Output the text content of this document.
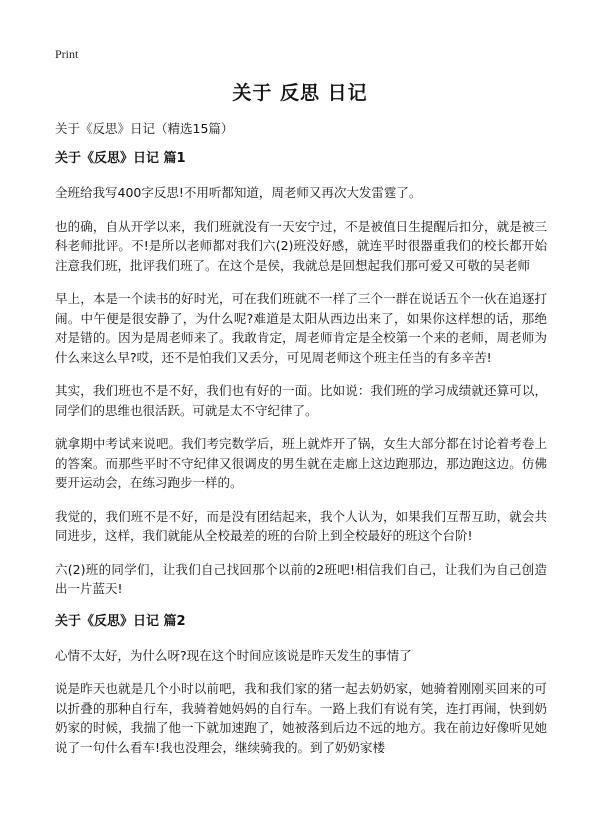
Print
关于 反思 日记

关于《反思》日记（精选15篇）

关于《反思》日记 篇1

全班给我写400字反思!不用听都知道，周老师又再次大发雷霆了。

也的确，自从开学以来，我们班就没有一天安宁过，不是被值日生提醒后扣分，就是被三科老师批评。不!是所以老师都对我们六(2)班没好感，就连平时很器重我们的校长都开始注意我们班，批评我们班了。在这个是侯，我就总是回想起我们那可爱又可敬的吴老师

早上，本是一个读书的好时光，可在我们班就不一样了三个一群在说话五个一伙在追逐打闹。中午便是很安静了，为什么呢?难道是太阳从西边出来了，如果你这样想的话，那绝对是错的。因为是周老师来了。我敢肯定，周老师肯定是全校第一个来的老师，周老师为什么来这么早?哎，还不是怕我们又丢分，可见周老师这个班主任当的有多辛苦!

其实，我们班也不是不好，我们也有好的一面。比如说：我们班的学习成绩就还算可以，同学们的思维也很活跃。可就是太不守纪律了。

就拿期中考试来说吧。我们考完数学后，班上就炸开了锅，女生大部分都在讨论着考卷上的答案。而那些平时不守纪律又很调皮的男生就在走廊上这边跑那边，那边跑这边。仿佛要开运动会，在练习跑步一样的。

我觉的，我们班不是不好，而是没有团结起来，我个人认为，如果我们互帮互助，就会共同进步，这样，我们就能从全校最差的班的台阶上到全校最好的班这个台阶!

六(2)班的同学们，让我们自己找回那个以前的2班吧!相信我们自己，让我们为自己创造出一片蓝天!

关于《反思》日记 篇2

心情不太好，为什么呀?现在这个时间应该说是昨天发生的事情了

说是昨天也就是几个小时以前吧，我和我们家的猪一起去奶奶家，她骑着刚刚买回来的可以折叠的那种自行车，我骑着她妈妈的自行车。一路上我们有说有笑，连打再闹，快到奶奶家的时候，我揣了他一下就加速跑了，她被落到后边不远的地方。我在前边好像听见她说了一句什么看车!我也没理会，继续骑我的。到了奶奶家楼
